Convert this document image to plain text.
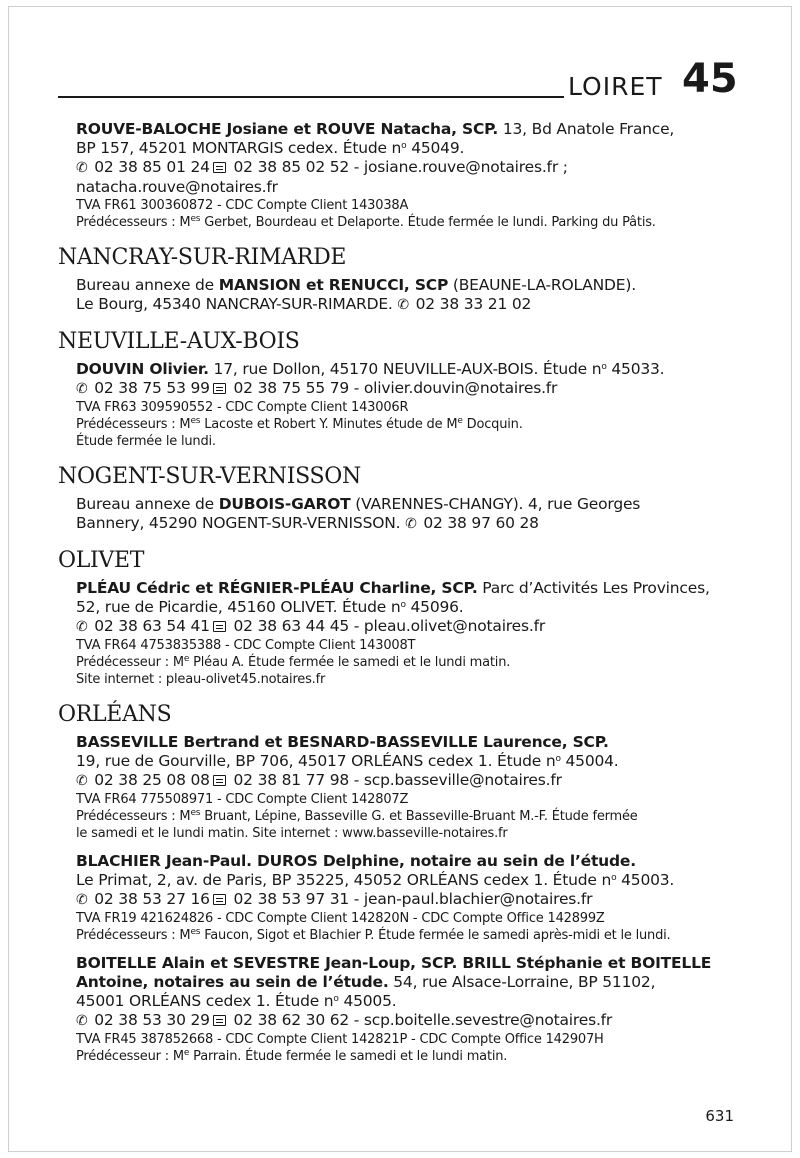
LOIRET 45
ROUVE-BALOCHE Josiane et ROUVE Natacha, SCP. 13, Bd Anatole France,
BP 157, 45201 MONTARGIS cedex. Étude $n^o$ 45049.
✆ 02 38 85 01 24 02 38 85 02 52 - josiane.rouve@notaires.fr ;
natacha.rouve@notaires.fr
TVA FR61 300360872 - CDC Compte Client 143038A
Prédécesseurs : $M^{es}$ Gerbet, Bourdeau et Delaporte. Étude fermée le lundi. Parking du Pâtis.
NANCRAY-SUR-RIMARDE
Bureau annexe de MANSION et RENUCCI, SCP (BEAUNE-LA-ROLANDE).
Le Bourg, 45340 NANCRAY-SUR-RIMARDE. ✆ 02 38 33 21 02
NEUVILLE-AUX-BOIS
DOUVIN Olivier. 17, rue Dollon, 45170 NEUVILLE-AUX-BOIS. Étude $n^o$ 45033.
✆ 02 38 75 53 99 02 38 75 55 79 - olivier.douvin@notaires.fr
TVA FR63 309590552 - CDC Compte Client 143006R
Prédécesseurs : $M^{es}$ Lacoste et Robert Y. Minutes étude de Me Docquin.
Étude fermée le lundi.
NOGENT-SUR-VERNISSON
Bureau annexe de DUBOIS-GAROT (VARENNES-CHANGY). 4, rue Georges
Bannery, 45290 NOGENT-SUR-VERNISSON. ✆ 02 38 97 60 28
OLIVET
PLÉAU Cédric et RÉGNIER-PLÉAU Charline, SCP. Parc d’Activités Les Provinces,
52, rue de Picardie, 45160 OLIVET. Étude $n^o$ 45096.
✆ 02 38 63 54 41 02 38 63 44 45 - pleau.olivet@notaires.fr
TVA FR64 4753835388 - CDC Compte Client 143008T
Prédécesseur : Me Pléau A. Étude fermée le samedi et le lundi matin.
Site internet : pleau-olivet45.notaires.fr
ORLÉANS
BASSEVILLE Bertrand et BESNARD-BASSEVILLE Laurence, SCP.
19, rue de Gourville, BP 706, 45017 ORLÉANS cedex 1. Étude $n^o$ 45004.
✆ 02 38 25 08 08 02 38 81 77 98 - scp.basseville@notaires.fr
TVA FR64 775508971 - CDC Compte Client 142807Z
Prédécesseurs : $M^{es}$ Bruant, Lépine, Basseville G. et Basseville-Bruant M.-F. Étude fermée
le samedi et le lundi matin. Site internet : www.basseville-notaires.fr
BLACHIER Jean-Paul. DUROS Delphine, notaire au sein de l’étude.
Le Primat, 2, av. de Paris, BP 35225, 45052 ORLÉANS cedex 1. Étude $n^o$ 45003.
✆ 02 38 53 27 16 02 38 53 97 31 - jean-paul.blachier@notaires.fr
TVA FR19 421624826 - CDC Compte Client 142820N - CDC Compte Office 142899Z
Prédécesseurs : $M^{es}$ Faucon, Sigot et Blachier P. Étude fermée le samedi après-midi et le lundi.
BOITELLE Alain et SEVESTRE Jean-Loup, SCP. BRILL Stéphanie et BOITELLE
Antoine, notaires au sein de l’étude. 54, rue Alsace-Lorraine, BP 51102,
45001 ORLÉANS cedex 1. Étude $n^o$ 45005.
✆ 02 38 53 30 29 02 38 62 30 62 - scp.boitelle.sevestre@notaires.fr
TVA FR45 387852668 - CDC Compte Client 142821P - CDC Compte Office 142907H
Prédécesseur : Me Parrain. Étude fermée le samedi et le lundi matin.
631
